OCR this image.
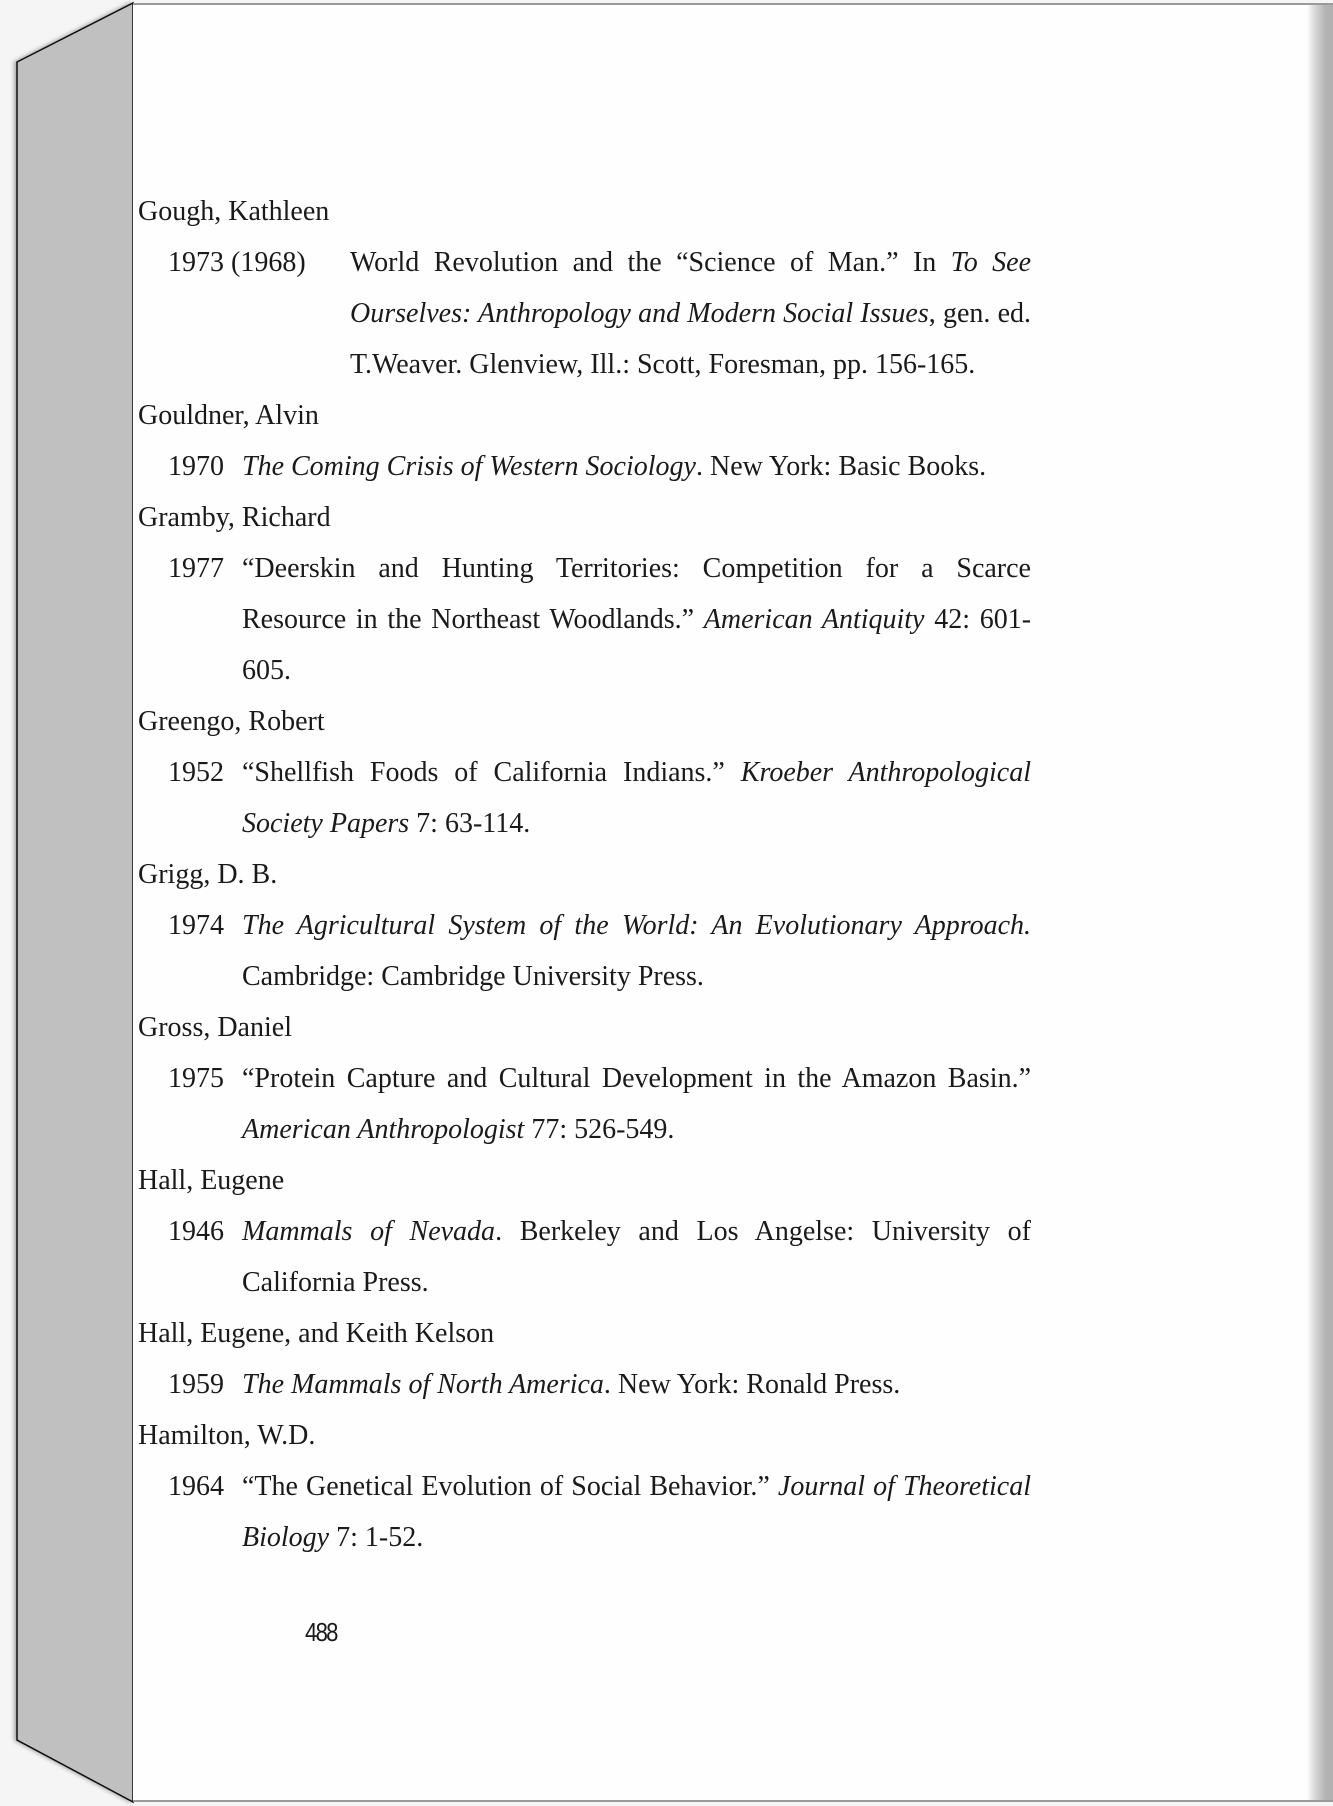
Gough, Kathleen
1973 (1968) World Revolution and the “Science of Man.” In To See Ourselves: Anthropology and Modern Social Issues, gen. ed. T.Weaver. Glenview, Ill.: Scott, Foresman, pp. 156-165.
Gouldner, Alvin
1970 The Coming Crisis of Western Sociology. New York: Basic Books.
Gramby, Richard
1977 “Deerskin and Hunting Territories: Competition for a Scarce Resource in the Northeast Woodlands.” American Antiquity 42: 601-605.
Greengo, Robert
1952 “Shellfish Foods of California Indians.” Kroeber Anthropological Society Papers 7: 63-114.
Grigg, D. B.
1974 The Agricultural System of the World: An Evolutionary Approach. Cambridge: Cambridge University Press.
Gross, Daniel
1975 “Protein Capture and Cultural Development in the Amazon Basin.” American Anthropologist 77: 526-549.
Hall, Eugene
1946 Mammals of Nevada. Berkeley and Los Angelse: University of California Press.
Hall, Eugene, and Keith Kelson
1959 The Mammals of North America. New York: Ronald Press.
Hamilton, W.D.
1964 “The Genetical Evolution of Social Behavior.” Journal of Theoretical Biology 7: 1-52.
488
